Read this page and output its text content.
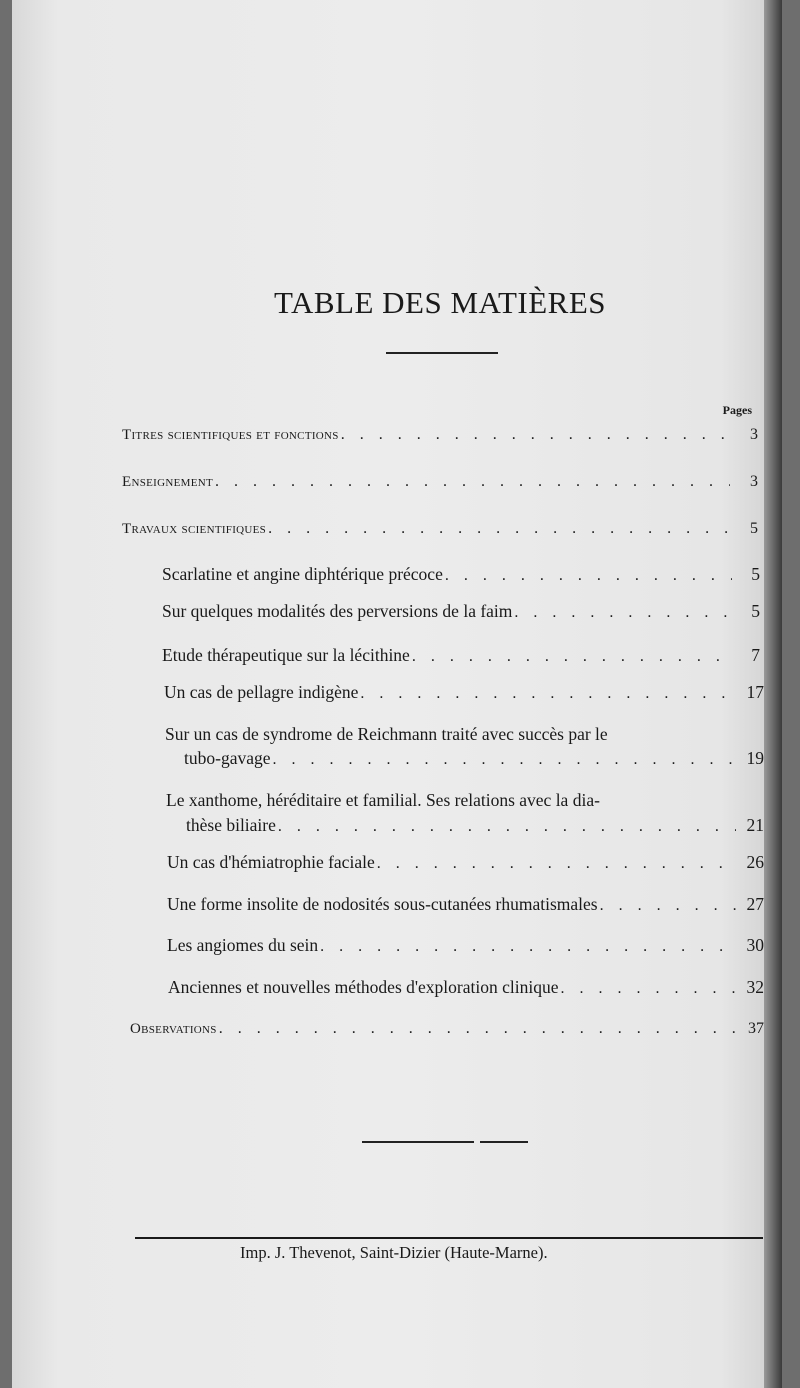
TABLE DES MATIÈRES
Pages
Titres scientifiques et fonctions . . .	3
Enseignement . . .	3
Travaux scientifiques . . .	5
Scarlatine et angine diphtérique précoce . . .	5
Sur quelques modalités des perversions de la faim . . .	5
Etude thérapeutique sur la lécithine . . .	7
Un cas de pellagre indigène . . .	17
Sur un cas de syndrome de Reichmann traité avec succès par le
tubo-gavage . . .	19
Le xanthome, héréditaire et familial. Ses relations avec la dia-
thèse biliaire . . .	21
Un cas d'hémiatrophie faciale . . .	26
Une forme insolite de nodosités sous-cutanées rhumatismales . . .	27
Les angiomes du sein . . .	30
Anciennes et nouvelles méthodes d'exploration clinique . . .	32
Observations . . .	37
Imp. J. Thevenot, Saint-Dizier (Haute-Marne).
